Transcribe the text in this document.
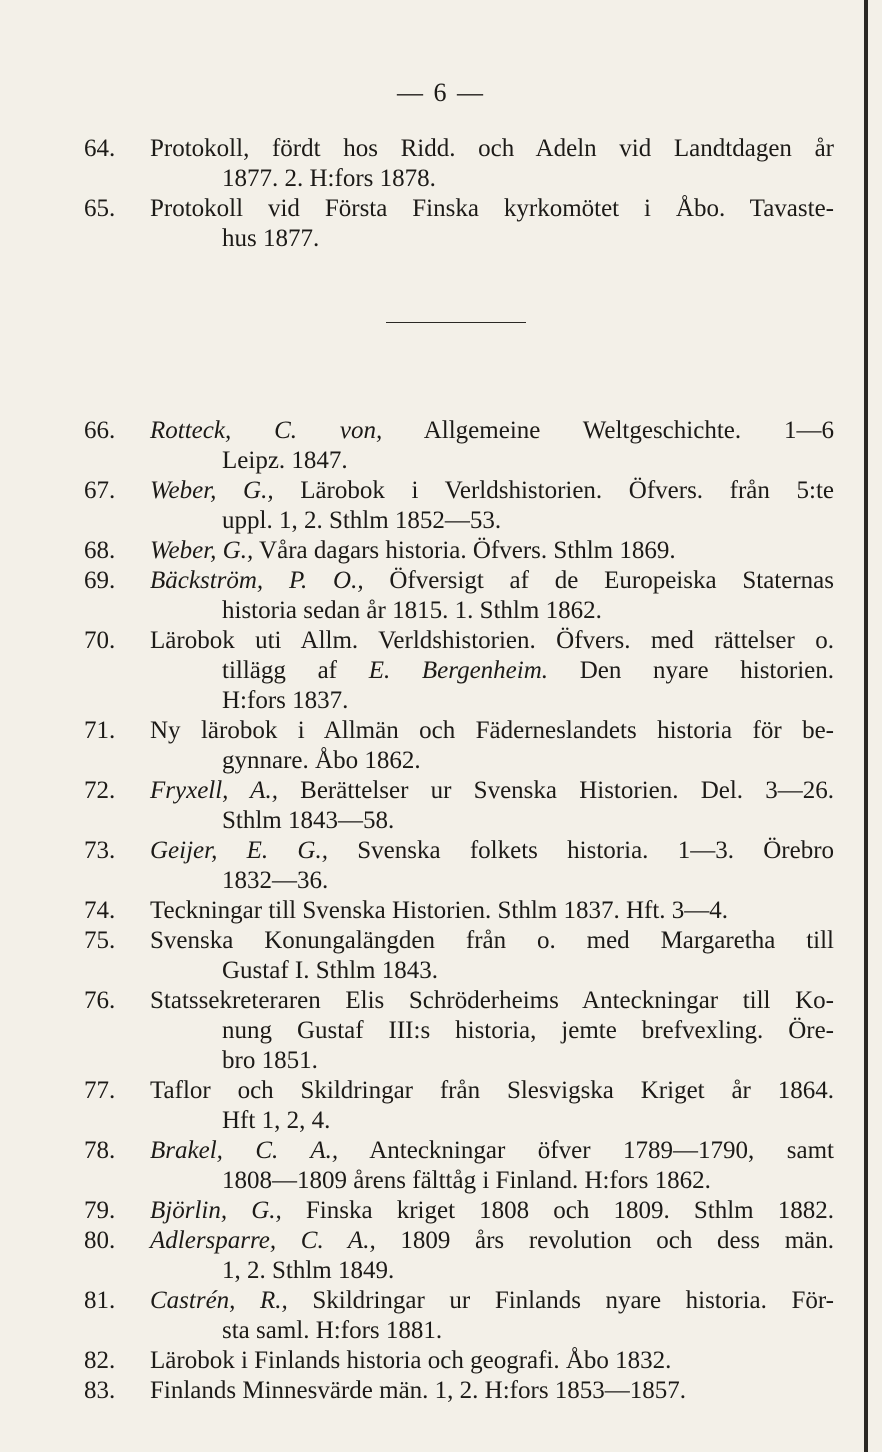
— 6 —
64. Protokoll, fördt hos Ridd. och Adeln vid Landtdagen år
1877. 2. H:fors 1878.
65. Protokoll vid Första Finska kyrkomötet i Åbo. Tavaste-
hus 1877.
66. Rotteck, C. von, Allgemeine Weltgeschichte. 1—6
Leipz. 1847.
67. Weber, G., Lärobok i Verldshistorien. Öfvers. från 5:te
uppl. 1, 2. Sthlm 1852—53.
68. Weber, G., Våra dagars historia. Öfvers. Sthlm 1869.
69. Bäckström, P. O., Öfversigt af de Europeiska Staternas
historia sedan år 1815. 1. Sthlm 1862.
70. Lärobok uti Allm. Verldshistorien. Öfvers. med rättelser o.
tillägg af E. Bergenheim. Den nyare historien.
H:fors 1837.
71. Ny lärobok i Allmän och Fäderneslandets historia för be-
gynnare. Åbo 1862.
72. Fryxell, A., Berättelser ur Svenska Historien. Del. 3—26.
Sthlm 1843—58.
73. Geijer, E. G., Svenska folkets historia. 1—3. Örebro
1832—36.
74. Teckningar till Svenska Historien. Sthlm 1837. Hft. 3—4.
75. Svenska Konungalängden från o. med Margaretha till
Gustaf I. Sthlm 1843.
76. Statssekreteraren Elis Schröderheims Anteckningar till Ko-
nung Gustaf III:s historia, jemte brefvexling. Öre-
bro 1851.
77. Taflor och Skildringar från Slesvigska Kriget år 1864.
Hft 1, 2, 4.
78. Brakel, C. A., Anteckningar öfver 1789—1790, samt
1808—1809 årens fälttåg i Finland. H:fors 1862.
79. Björlin, G., Finska kriget 1808 och 1809. Sthlm 1882.
80. Adlersparre, C. A., 1809 års revolution och dess män.
1, 2. Sthlm 1849.
81. Castrén, R., Skildringar ur Finlands nyare historia. För-
sta saml. H:fors 1881.
82. Lärobok i Finlands historia och geografi. Åbo 1832.
83. Finlands Minnesvärde män. 1, 2. H:fors 1853—1857.
